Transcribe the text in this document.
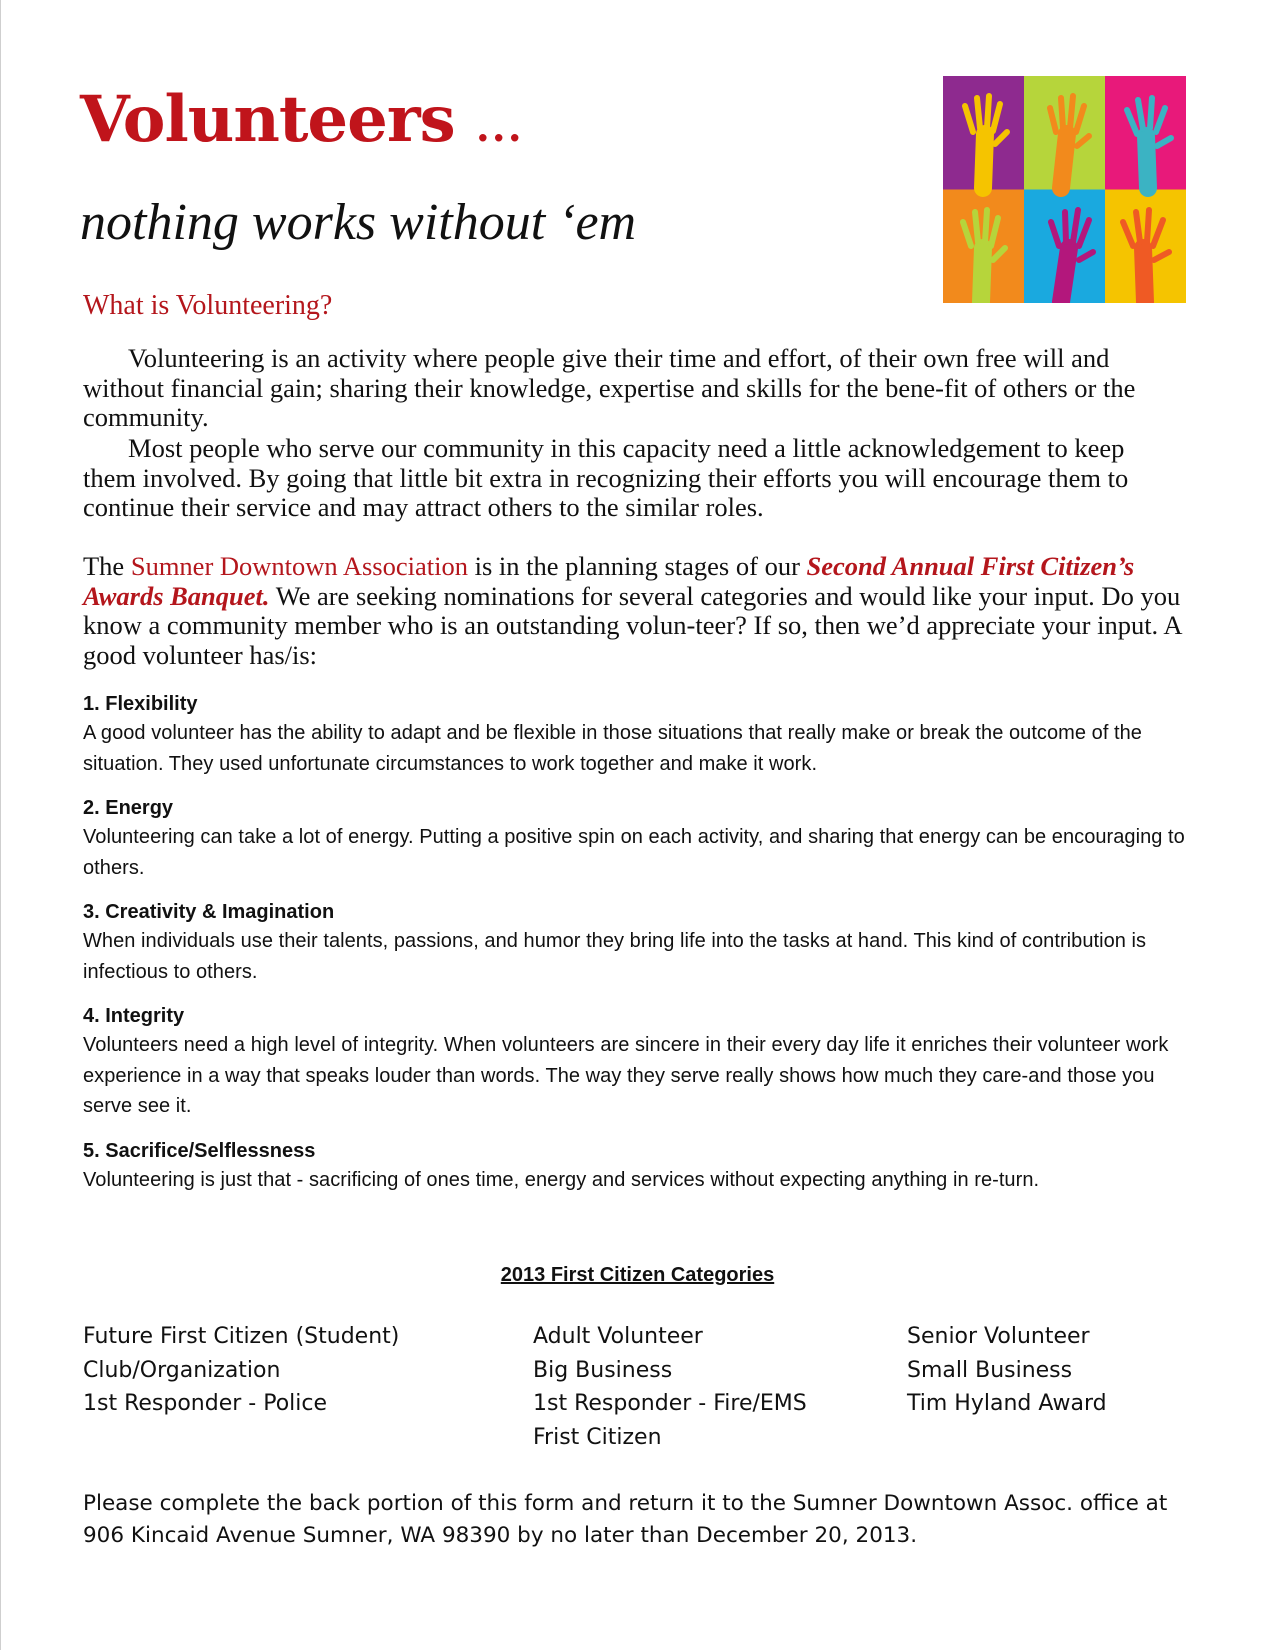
Volunteers ...
nothing works without ‘em
What is Volunteering?

Volunteering is an activity where people give their time and effort, of their own free will and without financial gain; sharing their knowledge, expertise and skills for the bene-fit of others or the community.

Most people who serve our community in this capacity need a little acknowledgement to keep them involved. By going that little bit extra in recognizing their efforts you will encourage them to continue their service and may attract others to the similar roles.

The Sumner Downtown Association is in the planning stages of our Second Annual First Citizen’s Awards Banquet. We are seeking nominations for several categories and would like your input. Do you know a community member who is an outstanding volun-teer? If so, then we’d appreciate your input. A good volunteer has/is:

1. Flexibility
A good volunteer has the ability to adapt and be flexible in those situations that really make or break the outcome of the situation. They used unfortunate circumstances to work together and make it work.
2. Energy
Volunteering can take a lot of energy. Putting a positive spin on each activity, and sharing that energy can be encouraging to others.
3. Creativity & Imagination
When individuals use their talents, passions, and humor they bring life into the tasks at hand. This kind of contribution is infectious to others.
4. Integrity
Volunteers need a high level of integrity. When volunteers are sincere in their every day life it enriches their volunteer work experience in a way that speaks louder than words. The way they serve really shows how much they care-and those you serve see it.
5. Sacrifice/Selflessness
Volunteering is just that - sacrificing of ones time, energy and services without expecting anything in re-turn.
2013 First Citizen Categories
Future First Citizen (Student)
Club/Organization
1st Responder - Police
Adult Volunteer
Big Business
1st Responder - Fire/EMS
Frist Citizen
Senior Volunteer
Small Business
Tim Hyland Award

Please complete the back portion of this form and return it to the Sumner Downtown Assoc. office at 906 Kincaid Avenue Sumner, WA 98390 by no later than December 20, 2013.
